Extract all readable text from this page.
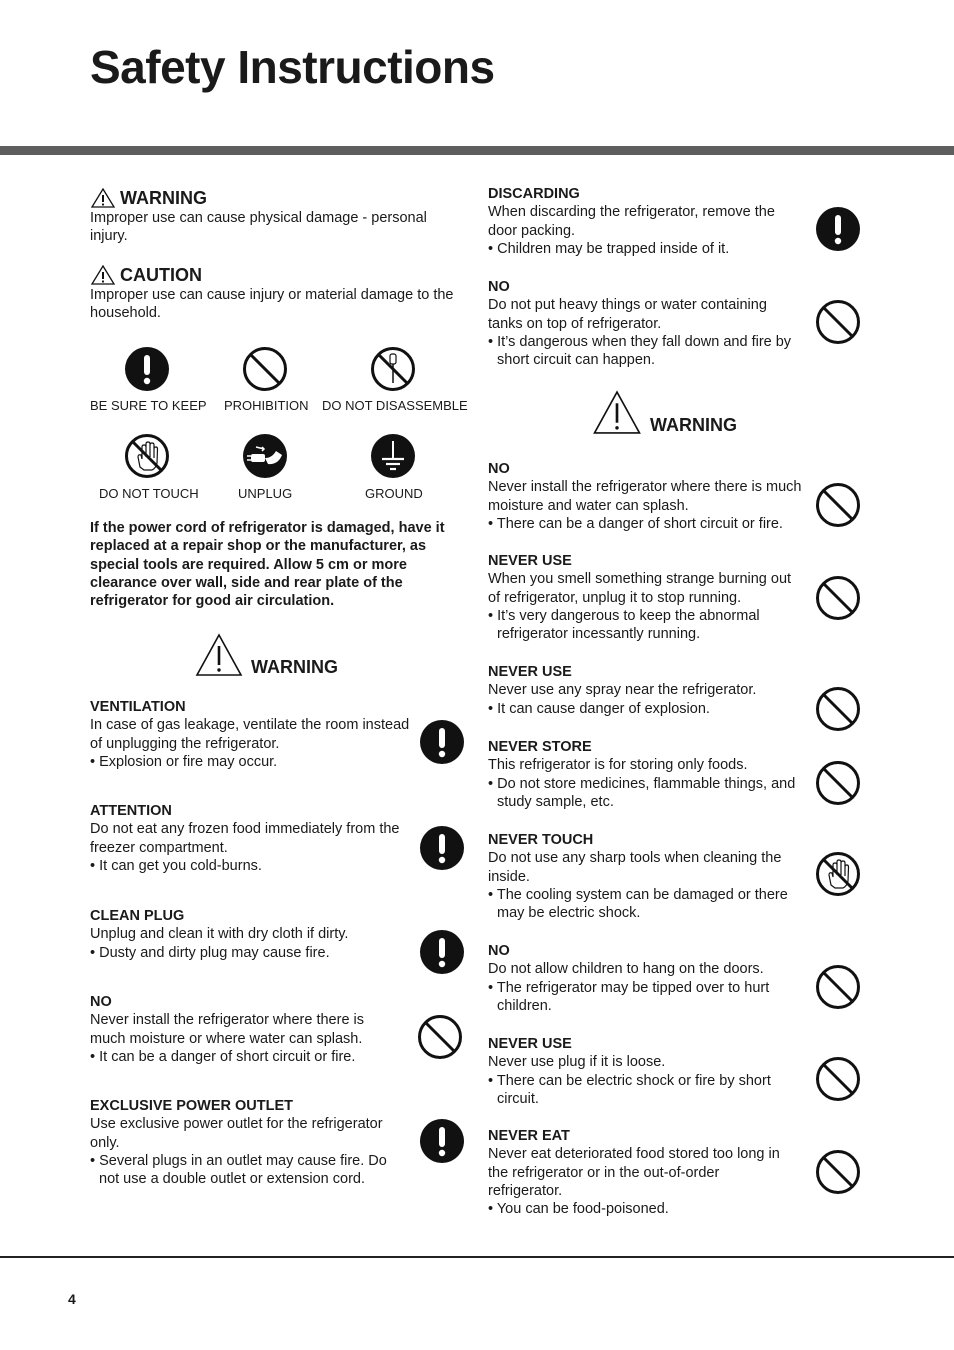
Safety Instructions
WARNING

Improper use can cause physical damage - personal injury.

CAUTION

Improper use can cause injury or material damage to the household.

BE SURE TO KEEP PROHIBITION DO NOT DISASSEMBLE
DO NOT TOUCH	UNPLUG	GROUND

If the power cord of refrigerator is damaged, have it replaced at a repair shop or the manufacturer, as special tools are required. Allow 5 cm or more clearance over wall, side and rear plate of the refrigerator for good air circulation.

WARNING

VENTILATION

In case of gas leakage, ventilate the room instead of unplugging the refrigerator.

• Explosion or fire may occur.

ATTENTION

Do not eat any frozen food immediately from the freezer compartment.

• It can get you cold-burns.

CLEAN PLUG

Unplug and clean it with dry cloth if dirty.

• Dusty and dirty plug may cause fire.

NO

Never install the refrigerator where there is much moisture or where water can splash.

• It can be a danger of short circuit or fire.

EXCLUSIVE POWER OUTLET

Use exclusive power outlet for the refrigerator only.

• Several plugs in an outlet may cause fire. Do not use a double outlet or extension cord.

DISCARDING

When discarding the refrigerator, remove the door packing.

• Children may be trapped inside of it.

NO

Do not put heavy things or water containing tanks on top of refrigerator.

• It’s dangerous when they fall down and fire by short circuit can happen.

WARNING

NO

Never install the refrigerator where there is much moisture and water can splash.

• There can be a danger of short circuit or fire.

NEVER USE

When you smell something strange burning out of refrigerator, unplug it to stop running.

• It’s very dangerous to keep the abnormal refrigerator incessantly running.

NEVER USE

Never use any spray near the refrigerator.

• It can cause danger of explosion.

NEVER STORE

This refrigerator is for storing only foods.

• Do not store medicines, flammable things, and study sample, etc.

NEVER TOUCH

Do not use any sharp tools when cleaning the inside.

• The cooling system can be damaged or there may be electric shock.

NO

Do not allow children to hang on the doors.

• The refrigerator may be tipped over to hurt children.

NEVER USE

Never use plug if it is loose.

• There can be electric shock or fire by short circuit.

NEVER EAT

Never eat deteriorated food stored too long in the refrigerator or in the out-of-order refrigerator.

• You can be food-poisoned.

4
